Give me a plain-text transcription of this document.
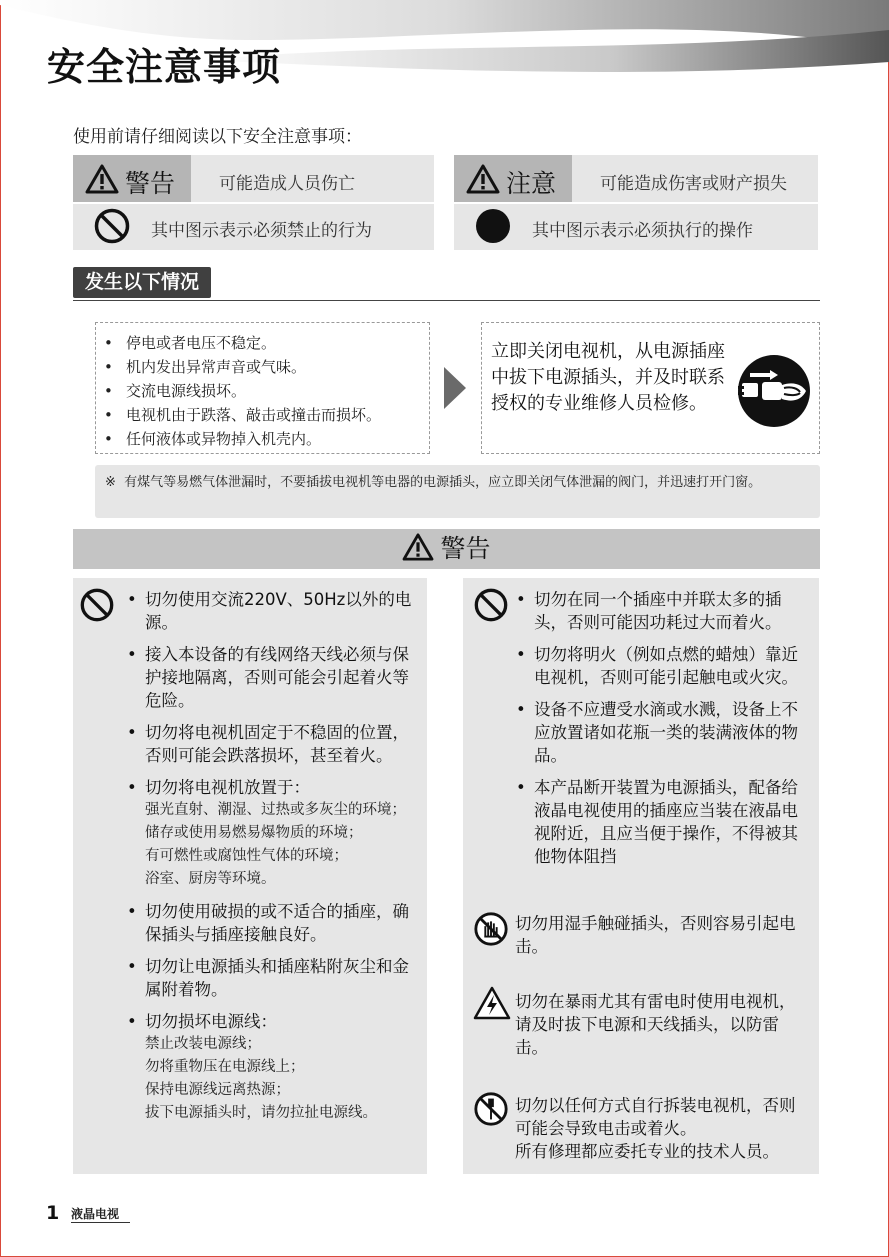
安全注意事项
使用前请仔细阅读以下安全注意事项：
警告	可能造成人员伤亡
其中图示表示必须禁止的行为
注意	可能造成伤害或财产损失
其中图示表示必须执行的操作
发生以下情况
• 停电或者电压不稳定。
• 机内发出异常声音或气味。
• 交流电源线损坏。
• 电视机由于跌落、敲击或撞击而损坏。
• 任何液体或异物掉入机壳内。
立即关闭电视机，从电源插座中拔下电源插头，并及时联系授权的专业维修人员检修。
※ 有煤气等易燃气体泄漏时，不要插拔电视机等电器的电源插头，应立即关闭气体泄漏的阀门，并迅速打开门窗。
警告
• 切勿使用交流220V、50Hz以外的电源。
• 接入本设备的有线网络天线必须与保护接地隔离，否则可能会引起着火等危险。
• 切勿将电视机固定于不稳固的位置，否则可能会跌落损坏，甚至着火。
• 切勿将电视机放置于：
强光直射、潮湿、过热或多灰尘的环境；
储存或使用易燃易爆物质的环境；
有可燃性或腐蚀性气体的环境；
浴室、厨房等环境。
• 切勿使用破损的或不适合的插座，确保插头与插座接触良好。
• 切勿让电源插头和插座粘附灰尘和金属附着物。
• 切勿损坏电源线：
禁止改装电源线；
勿将重物压在电源线上；
保持电源线远离热源；
拔下电源插头时，请勿拉扯电源线。
• 切勿在同一个插座中并联太多的插头，否则可能因功耗过大而着火。
• 切勿将明火（例如点燃的蜡烛）靠近电视机，否则可能引起触电或火灾。
• 设备不应遭受水滴或水溅，设备上不应放置诸如花瓶一类的装满液体的物品。
• 本产品断开装置为电源插头，配备给液晶电视使用的插座应当装在液晶电视附近，且应当便于操作，不得被其他物体阻挡
切勿用湿手触碰插头，否则容易引起电击。
切勿在暴雨尤其有雷电时使用电视机，请及时拔下电源和天线插头，以防雷击。
切勿以任何方式自行拆装电视机，否则可能会导致电击或着火。
所有修理都应委托专业的技术人员。
1 液晶电视
